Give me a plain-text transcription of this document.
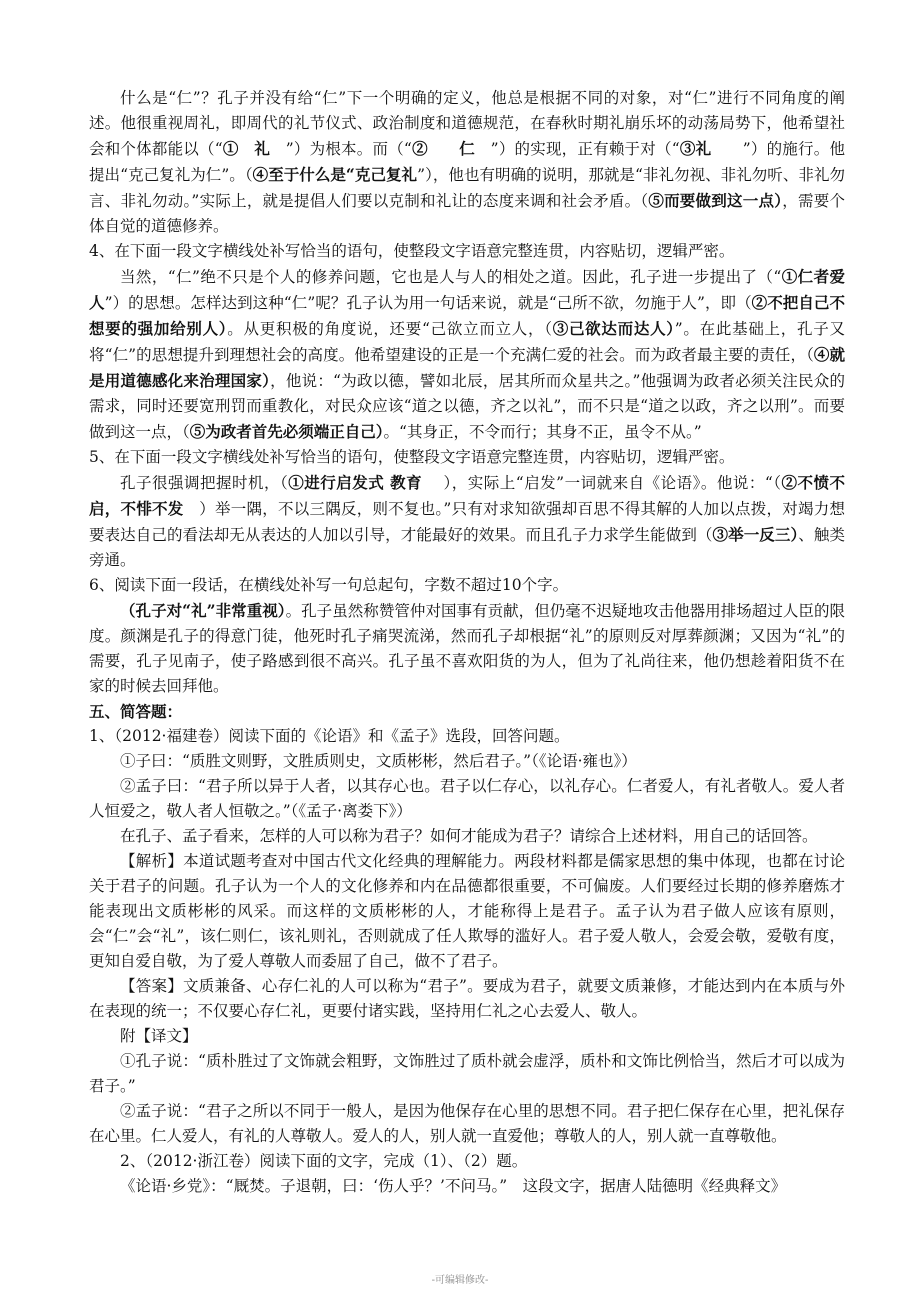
什么是“仁”？孔子并没有给“仁”下一个明确的定义，他总是根据不同的对象，对“仁”进行不同角度的阐述。他很重视周礼，即周代的礼节仪式、政治制度和道德规范，在春秋时期礼崩乐坏的动荡局势下，他希望社会和个体都能以（“①　礼　”）为根本。而（“②　　仁　”）的实现，正有赖于对（“③礼　　”）的施行。他提出“克己复礼为仁”。（④至于什么是“克己复礼”），他也有明确的说明，那就是“非礼勿视、非礼勿听、非礼勿言、非礼勿动。”实际上，就是提倡人们要以克制和礼让的态度来调和社会矛盾。（⑤而要做到这一点），需要个体自觉的道德修养。

4、在下面一段文字横线处补写恰当的语句，使整段文字语意完整连贯，内容贴切，逻辑严密。

当然，“仁”绝不只是个人的修养问题，它也是人与人的相处之道。因此，孔子进一步提出了（“①仁者爱人”）的思想。怎样达到这种“仁”呢？孔子认为用一句话来说，就是“己所不欲，勿施于人”，即（②不把自己不想要的强加给别人）。从更积极的角度说，还要“己欲立而立人，（③己欲达而达人）”。在此基础上，孔子又将“仁”的思想提升到理想社会的高度。他希望建设的正是一个充满仁爱的社会。而为政者最主要的责任，（④就是用道德感化来治理国家），他说：“为政以德，譬如北辰，居其所而众星共之。”他强调为政者必须关注民众的需求，同时还要宽刑罚而重教化，对民众应该“道之以德，齐之以礼”，而不只是“道之以政，齐之以刑”。而要做到这一点，（⑤为政者首先必须端正自己）。“其身正，不令而行；其身不正，虽令不从。”

5、在下面一段文字横线处补写恰当的语句，使整段文字语意完整连贯，内容贴切，逻辑严密。

孔子很强调把握时机，（①进行启发式 教育　 ），实际上“启发”一词就来自《论语》。他说：“（②不愤不启，不悱不发　）举一隅，不以三隅反，则不复也。”只有对求知欲强却百思不得其解的人加以点拨，对竭力想要表达自己的看法却无从表达的人加以引导，才能最好的效果。而且孔子力求学生能做到（③举一反三）、触类旁通。

6、阅读下面一段话，在横线处补写一句总起句，字数不超过10个字。

（孔子对“礼”非常重视）。孔子虽然称赞管仲对国事有贡献，但仍毫不迟疑地攻击他器用排场超过人臣的限度。颜渊是孔子的得意门徒，他死时孔子痛哭流涕，然而孔子却根据“礼”的原则反对厚葬颜渊；又因为“礼”的需要，孔子见南子，使子路感到很不高兴。孔子虽不喜欢阳货的为人，但为了礼尚往来，他仍想趁着阳货不在家的时候去回拜他。

五、简答题：

1、（2012·福建卷）阅读下面的《论语》和《孟子》选段，回答问题。

①子曰：“质胜文则野，文胜质则史，文质彬彬，然后君子。”（《论语·雍也》）

②孟子曰：“君子所以异于人者，以其存心也。君子以仁存心，以礼存心。仁者爱人，有礼者敬人。爱人者人恒爱之，敬人者人恒敬之。”（《孟子·离娄下》）

在孔子、孟子看来，怎样的人可以称为君子？如何才能成为君子？请综合上述材料，用自己的话回答。

【解析】本道试题考查对中国古代文化经典的理解能力。两段材料都是儒家思想的集中体现，也都在讨论关于君子的问题。孔子认为一个人的文化修养和内在品德都很重要，不可偏废。人们要经过长期的修养磨炼才能表现出文质彬彬的风采。而这样的文质彬彬的人，才能称得上是君子。孟子认为君子做人应该有原则，会“仁”会“礼”，该仁则仁，该礼则礼，否则就成了任人欺辱的滥好人。君子爱人敬人，会爱会敬，爱敬有度，更知自爱自敬，为了爱人尊敬人而委屈了自己，做不了君子。

【答案】文质兼备、心存仁礼的人可以称为“君子”。要成为君子，就要文质兼修，才能达到内在本质与外在表现的统一；不仅要心存仁礼，更要付诸实践，坚持用仁礼之心去爱人、敬人。

附【译文】

①孔子说：“质朴胜过了文饰就会粗野，文饰胜过了质朴就会虚浮，质朴和文饰比例恰当，然后才可以成为君子。”

②孟子说：“君子之所以不同于一般人，是因为他保存在心里的思想不同。君子把仁保存在心里，把礼保存在心里。仁人爱人，有礼的人尊敬人。爱人的人，别人就一直爱他；尊敬人的人，别人就一直尊敬他。

2、（2012·浙江卷）阅读下面的文字，完成（1）、（2）题。

《论语·乡党》：“厩焚。子退朝，曰：‘伤人乎？’不问马。”　这段文字，据唐人陆德明《经典释文》

-可编辑修改-
